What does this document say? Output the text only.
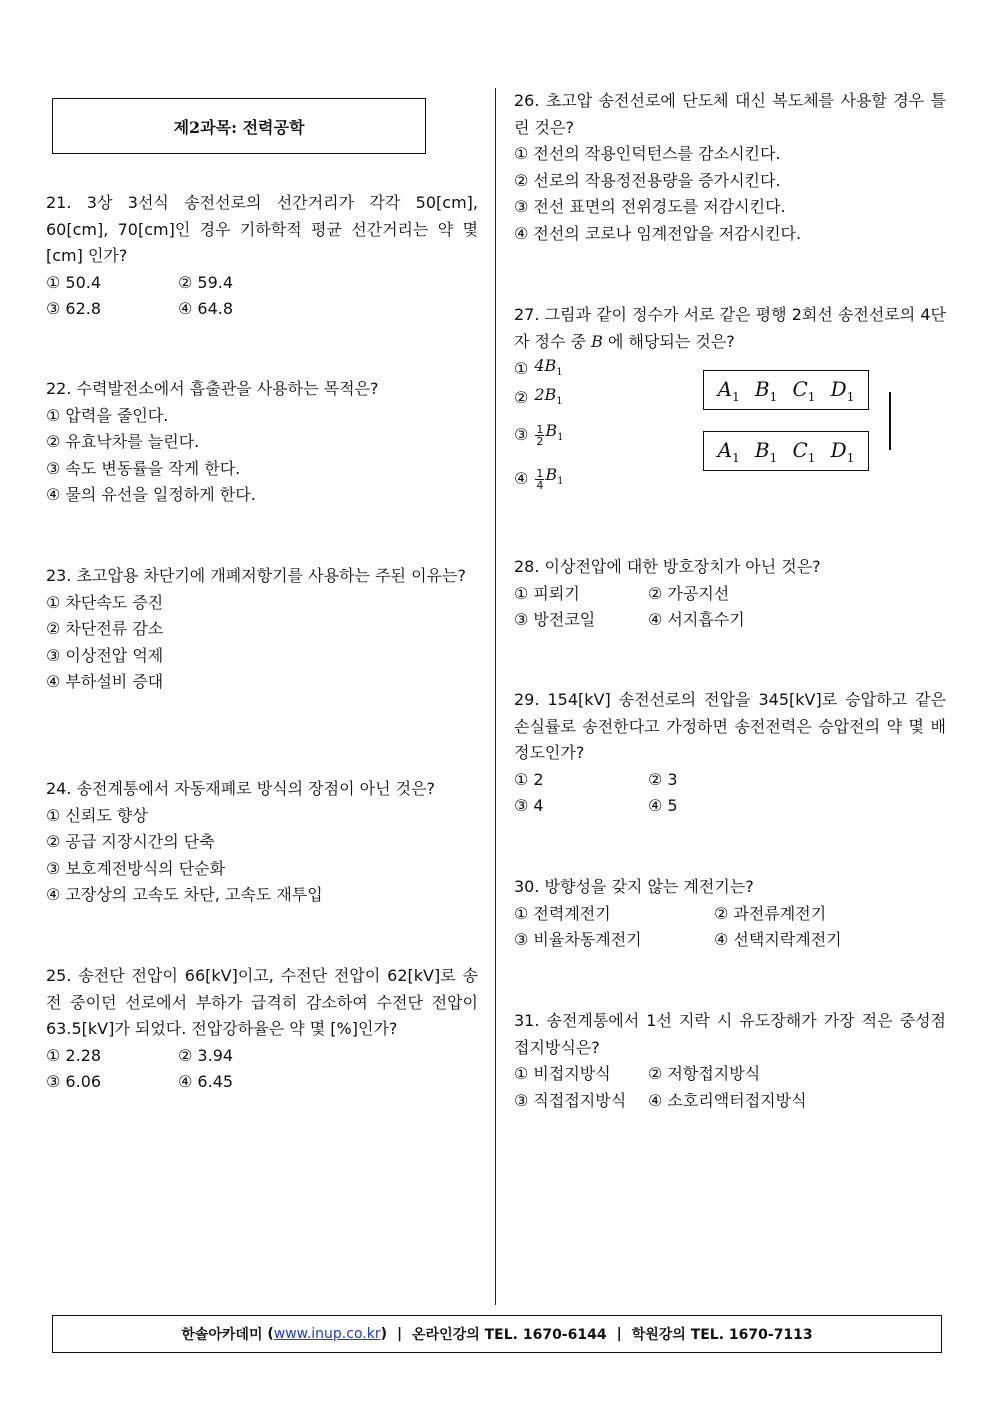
제2과목: 전력공학
21. 3상 3선식 송전선로의 선간거리가 각각 50[cm], 60[cm], 70[cm]인 경우 기하학적 평균 선간거리는 약 몇 [cm] 인가?
① 50.4	② 59.4
③ 62.8	④ 64.8
22. 수력발전소에서 흡출관을 사용하는 목적은?
① 압력을 줄인다.
② 유효낙차를 늘린다.
③ 속도 변동률을 작게 한다.
④ 물의 유선을 일정하게 한다.
23. 초고압용 차단기에 개폐저항기를 사용하는 주된 이유는?
① 차단속도 증진
② 차단전류 감소
③ 이상전압 억제
④ 부하설비 증대
24. 송전계통에서 자동재폐로 방식의 장점이 아닌 것은?
① 신뢰도 향상
② 공급 지장시간의 단축
③ 보호계전방식의 단순화
④ 고장상의 고속도 차단, 고속도 재투입
25. 송전단 전압이 66[kV]이고, 수전단 전압이 62[kV]로 송전 중이던 선로에서 부하가 급격히 감소하여 수전단 전압이 63.5[kV]가 되었다. 전압강하율은 약 몇 [%]인가?
① 2.28	② 3.94
③ 6.06	④ 6.45
26. 초고압 송전선로에 단도체 대신 복도체를 사용할 경우 틀린 것은?
① 전선의 작용인덕턴스를 감소시킨다.
② 선로의 작용정전용량을 증가시킨다.
③ 전선 표면의 전위경도를 저감시킨다.
④ 전선의 코로나 임계전압을 저감시킨다.
27. 그림과 같이 정수가 서로 같은 평행 2회선 송전선로의 4단자 정수 중 B 에 해당되는 것은?
① $4B_1$
② $2B_1$
③ $\frac{1}{2} B_1$
④ $\frac{1}{4} B_1$
$A_1$ $B_1$ $C_1$ $D_1$
$A_1$ $B_1$ $C_1$ $D_1$
28. 이상전압에 대한 방호장치가 아닌 것은?
① 피뢰기	② 가공지선
③ 방전코일	④ 서지흡수기
29. 154[kV] 송전선로의 전압을 345[kV]로 승압하고 같은 손실률로 송전한다고 가정하면 송전전력은 승압전의 약 몇 배 정도인가?
① 2	② 3
③ 4	④ 5
30. 방향성을 갖지 않는 계전기는?
① 전력계전기	② 과전류계전기
③ 비율차동계전기	④ 선택지락계전기
31. 송전계통에서 1선 지락 시 유도장해가 가장 적은 중성점 접지방식은?
① 비접지방식	② 저항접지방식
③ 직접접지방식	④ 소호리액터접지방식
한솔아카데미 ( www.inup.co.kr ) | 온라인강의 TEL. 1670-6144 | 학원강의 TEL. 1670-7113
